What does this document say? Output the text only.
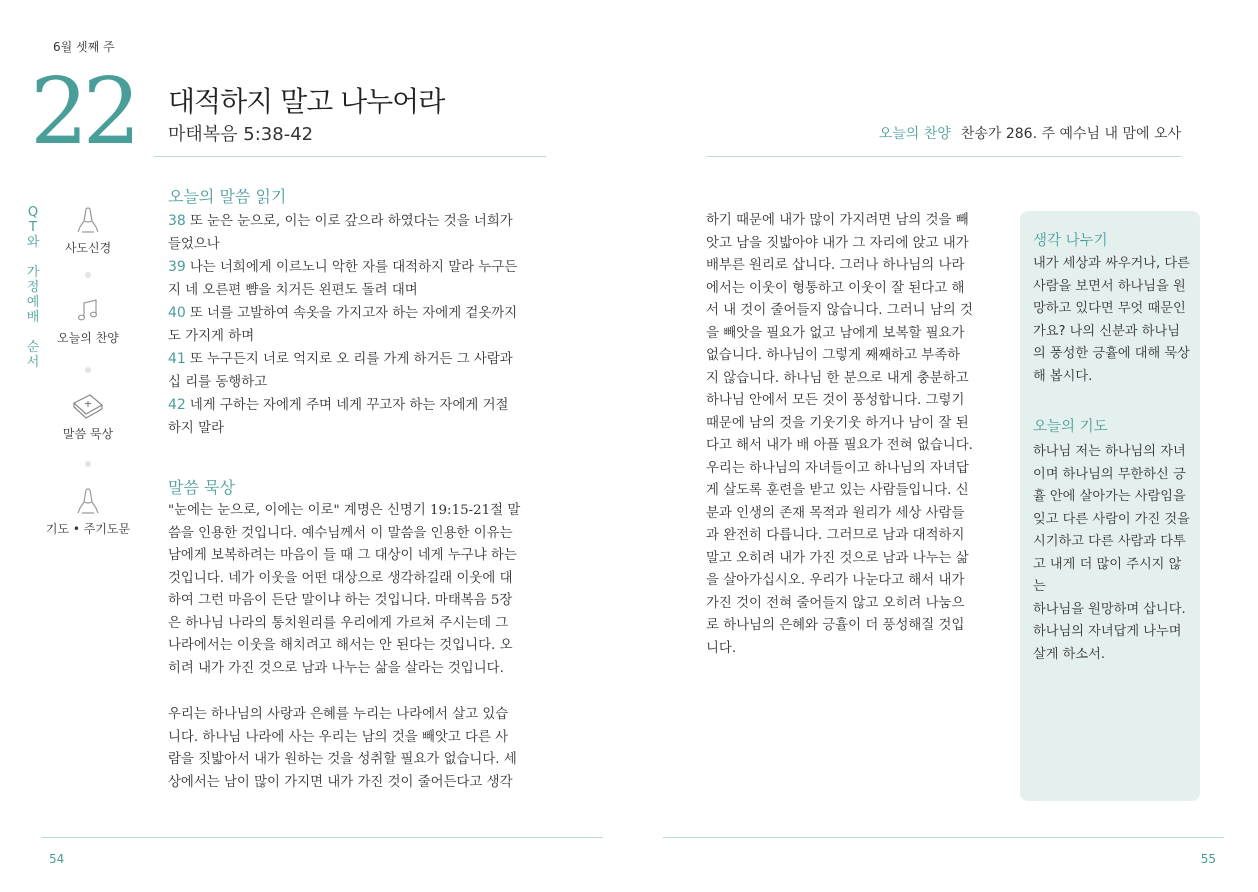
6월 셋째 주
22 대적하지 말고 나누어라
마태복음 5:38-42	오늘의 찬양 찬송가 286. 주 예수님 내 맘에 오사
Q
T
와
가
정
예
배
순
서
사도신경
오늘의 찬양
말씀 묵상
기도 • 주기도문
오늘의 말씀 읽기
38 또 눈은 눈으로, 이는 이로 갚으라 하였다는 것을 너희가
들었으나
39 나는 너희에게 이르노니 악한 자를 대적하지 말라 누구든
지 네 오른편 뺨을 치거든 왼편도 돌려 대며
40 또 너를 고발하여 속옷을 가지고자 하는 자에게 겉옷까지
도 가지게 하며
41 또 누구든지 너로 억지로 오 리를 가게 하거든 그 사람과
십 리를 동행하고
42 네게 구하는 자에게 주며 네게 꾸고자 하는 자에게 거절
하지 말라
말씀 묵상
"눈에는 눈으로, 이에는 이로" 계명은 신명기 19:15-21절 말
씀을 인용한 것입니다. 예수님께서 이 말씀을 인용한 이유는
남에게 보복하려는 마음이 들 때 그 대상이 네게 누구냐 하는
것입니다. 네가 이웃을 어떤 대상으로 생각하길래 이웃에 대
하여 그런 마음이 든단 말이냐 하는 것입니다. 마태복음 5장
은 하나님 나라의 통치원리를 우리에게 가르쳐 주시는데 그
나라에서는 이웃을 해치려고 해서는 안 된다는 것입니다. 오
히려 내가 가진 것으로 남과 나누는 삶을 살라는 것입니다.
우리는 하나님의 사랑과 은혜를 누리는 나라에서 살고 있습
니다. 하나님 나라에 사는 우리는 남의 것을 빼앗고 다른 사
람을 짓밟아서 내가 원하는 것을 성취할 필요가 없습니다. 세
상에서는 남이 많이 가지면 내가 가진 것이 줄어든다고 생각
하기 때문에 내가 많이 가지려면 남의 것을 빼
앗고 남을 짓밟아야 내가 그 자리에 앉고 내가
배부른 원리로 삽니다. 그러나 하나님의 나라
에서는 이웃이 형통하고 이웃이 잘 된다고 해
서 내 것이 줄어들지 않습니다. 그러니 남의 것
을 빼앗을 필요가 없고 남에게 보복할 필요가
없습니다. 하나님이 그렇게 째째하고 부족하
지 않습니다. 하나님 한 분으로 내게 충분하고
하나님 안에서 모든 것이 풍성합니다. 그렇기
때문에 남의 것을 기웃기웃 하거나 남이 잘 된
다고 해서 내가 배 아플 필요가 전혀 없습니다.
우리는 하나님의 자녀들이고 하나님의 자녀답
게 살도록 훈련을 받고 있는 사람들입니다. 신
분과 인생의 존재 목적과 원리가 세상 사람들
과 완전히 다릅니다. 그러므로 남과 대적하지
말고 오히려 내가 가진 것으로 남과 나누는 삶
을 살아가십시오. 우리가 나눈다고 해서 내가
가진 것이 전혀 줄어들지 않고 오히려 나눔으
로 하나님의 은혜와 긍휼이 더 풍성해질 것입
니다.
생각 나누기
내가 세상과 싸우거나, 다른
사람을 보면서 하나님을 원
망하고 있다면 무엇 때문인
가요? 나의 신분과 하나님
의 풍성한 긍휼에 대해 묵상
해 봅시다.
오늘의 기도
하나님 저는 하나님의 자녀
이며 하나님의 무한하신 긍
휼 안에 살아가는 사람임을
잊고 다른 사람이 가진 것을
시기하고 다른 사람과 다투
고 내게 더 많이 주시지 않는
하나님을 원망하며 삽니다.
하나님의 자녀답게 나누며
살게 하소서.
54	55
